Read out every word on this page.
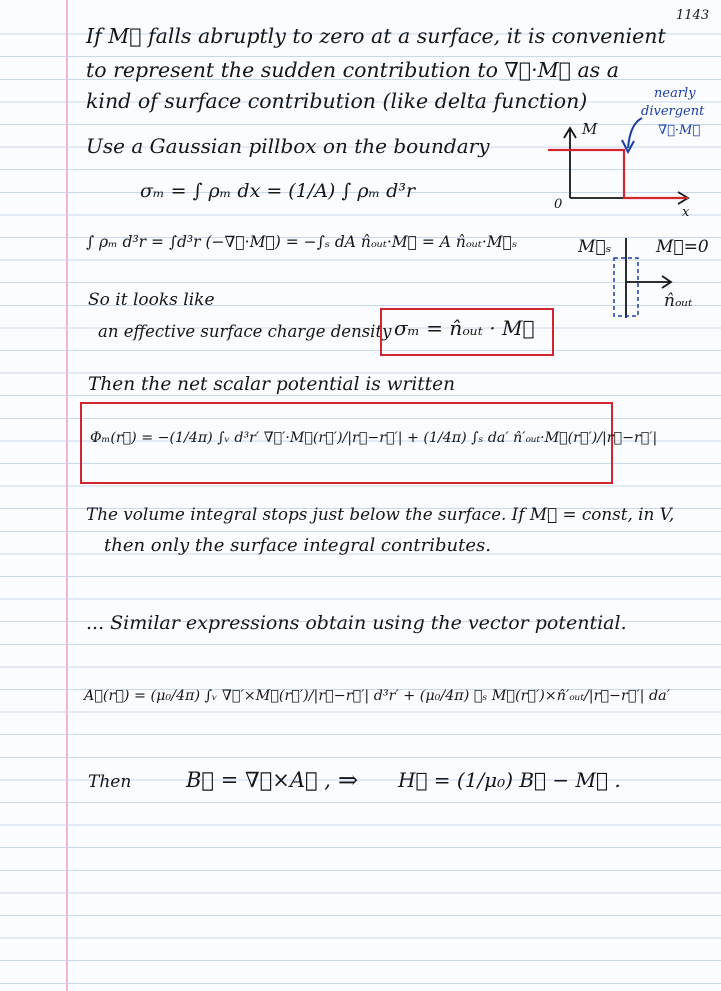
1143
If M⃗ falls abruptly to zero at a surface, it is convenient
to represent the sudden contribution to ∇⃗·M⃗ as a
kind of surface contribution (like delta function)	nearly
divergent
∇⃗·M⃗
Use a Gaussian pillbox on the boundary
M
0
x
σₘ = ∫ ρₘ dx = (1/A) ∫ ρₘ d³r
∫ ρₘ d³r = ∫d³r (−∇⃗·M⃗) = −∫ₛ dA n̂ₒᵤₜ·M⃗ = A n̂ₒᵤₜ·M⃗ₛ	M⃗ₛ	M⃗=0
n̂ₒᵤₜ
So it looks like
an effective surface charge density σₘ = n̂ₒᵤₜ · M⃗
Then the net scalar potential is written
Φₘ(r⃗) = −(1/4π) ∫ᵥ d³r′ ∇⃗′·M⃗(r⃗′)/|r⃗−r⃗′| + (1/4π) ∫ₛ da′ n̂′ₒᵤₜ·M⃗(r⃗′)/|r⃗−r⃗′|
The volume integral stops just below the surface. If M⃗ = const, in V,
then only the surface integral contributes.
... Similar expressions obtain using the vector potential.
A⃗(r⃗) = (μ₀/4π) ∫ᵥ ∇⃗′×M⃗(r⃗′)/|r⃗−r⃗′| d³r′ + (μ₀/4π) ∮ₛ M⃗(r⃗′)×n̂′ₒᵤₜ/|r⃗−r⃗′| da′
Then	B⃗ = ∇⃗×A⃗ , ⇒ H⃗ = (1/μ₀) B⃗ − M⃗ .
